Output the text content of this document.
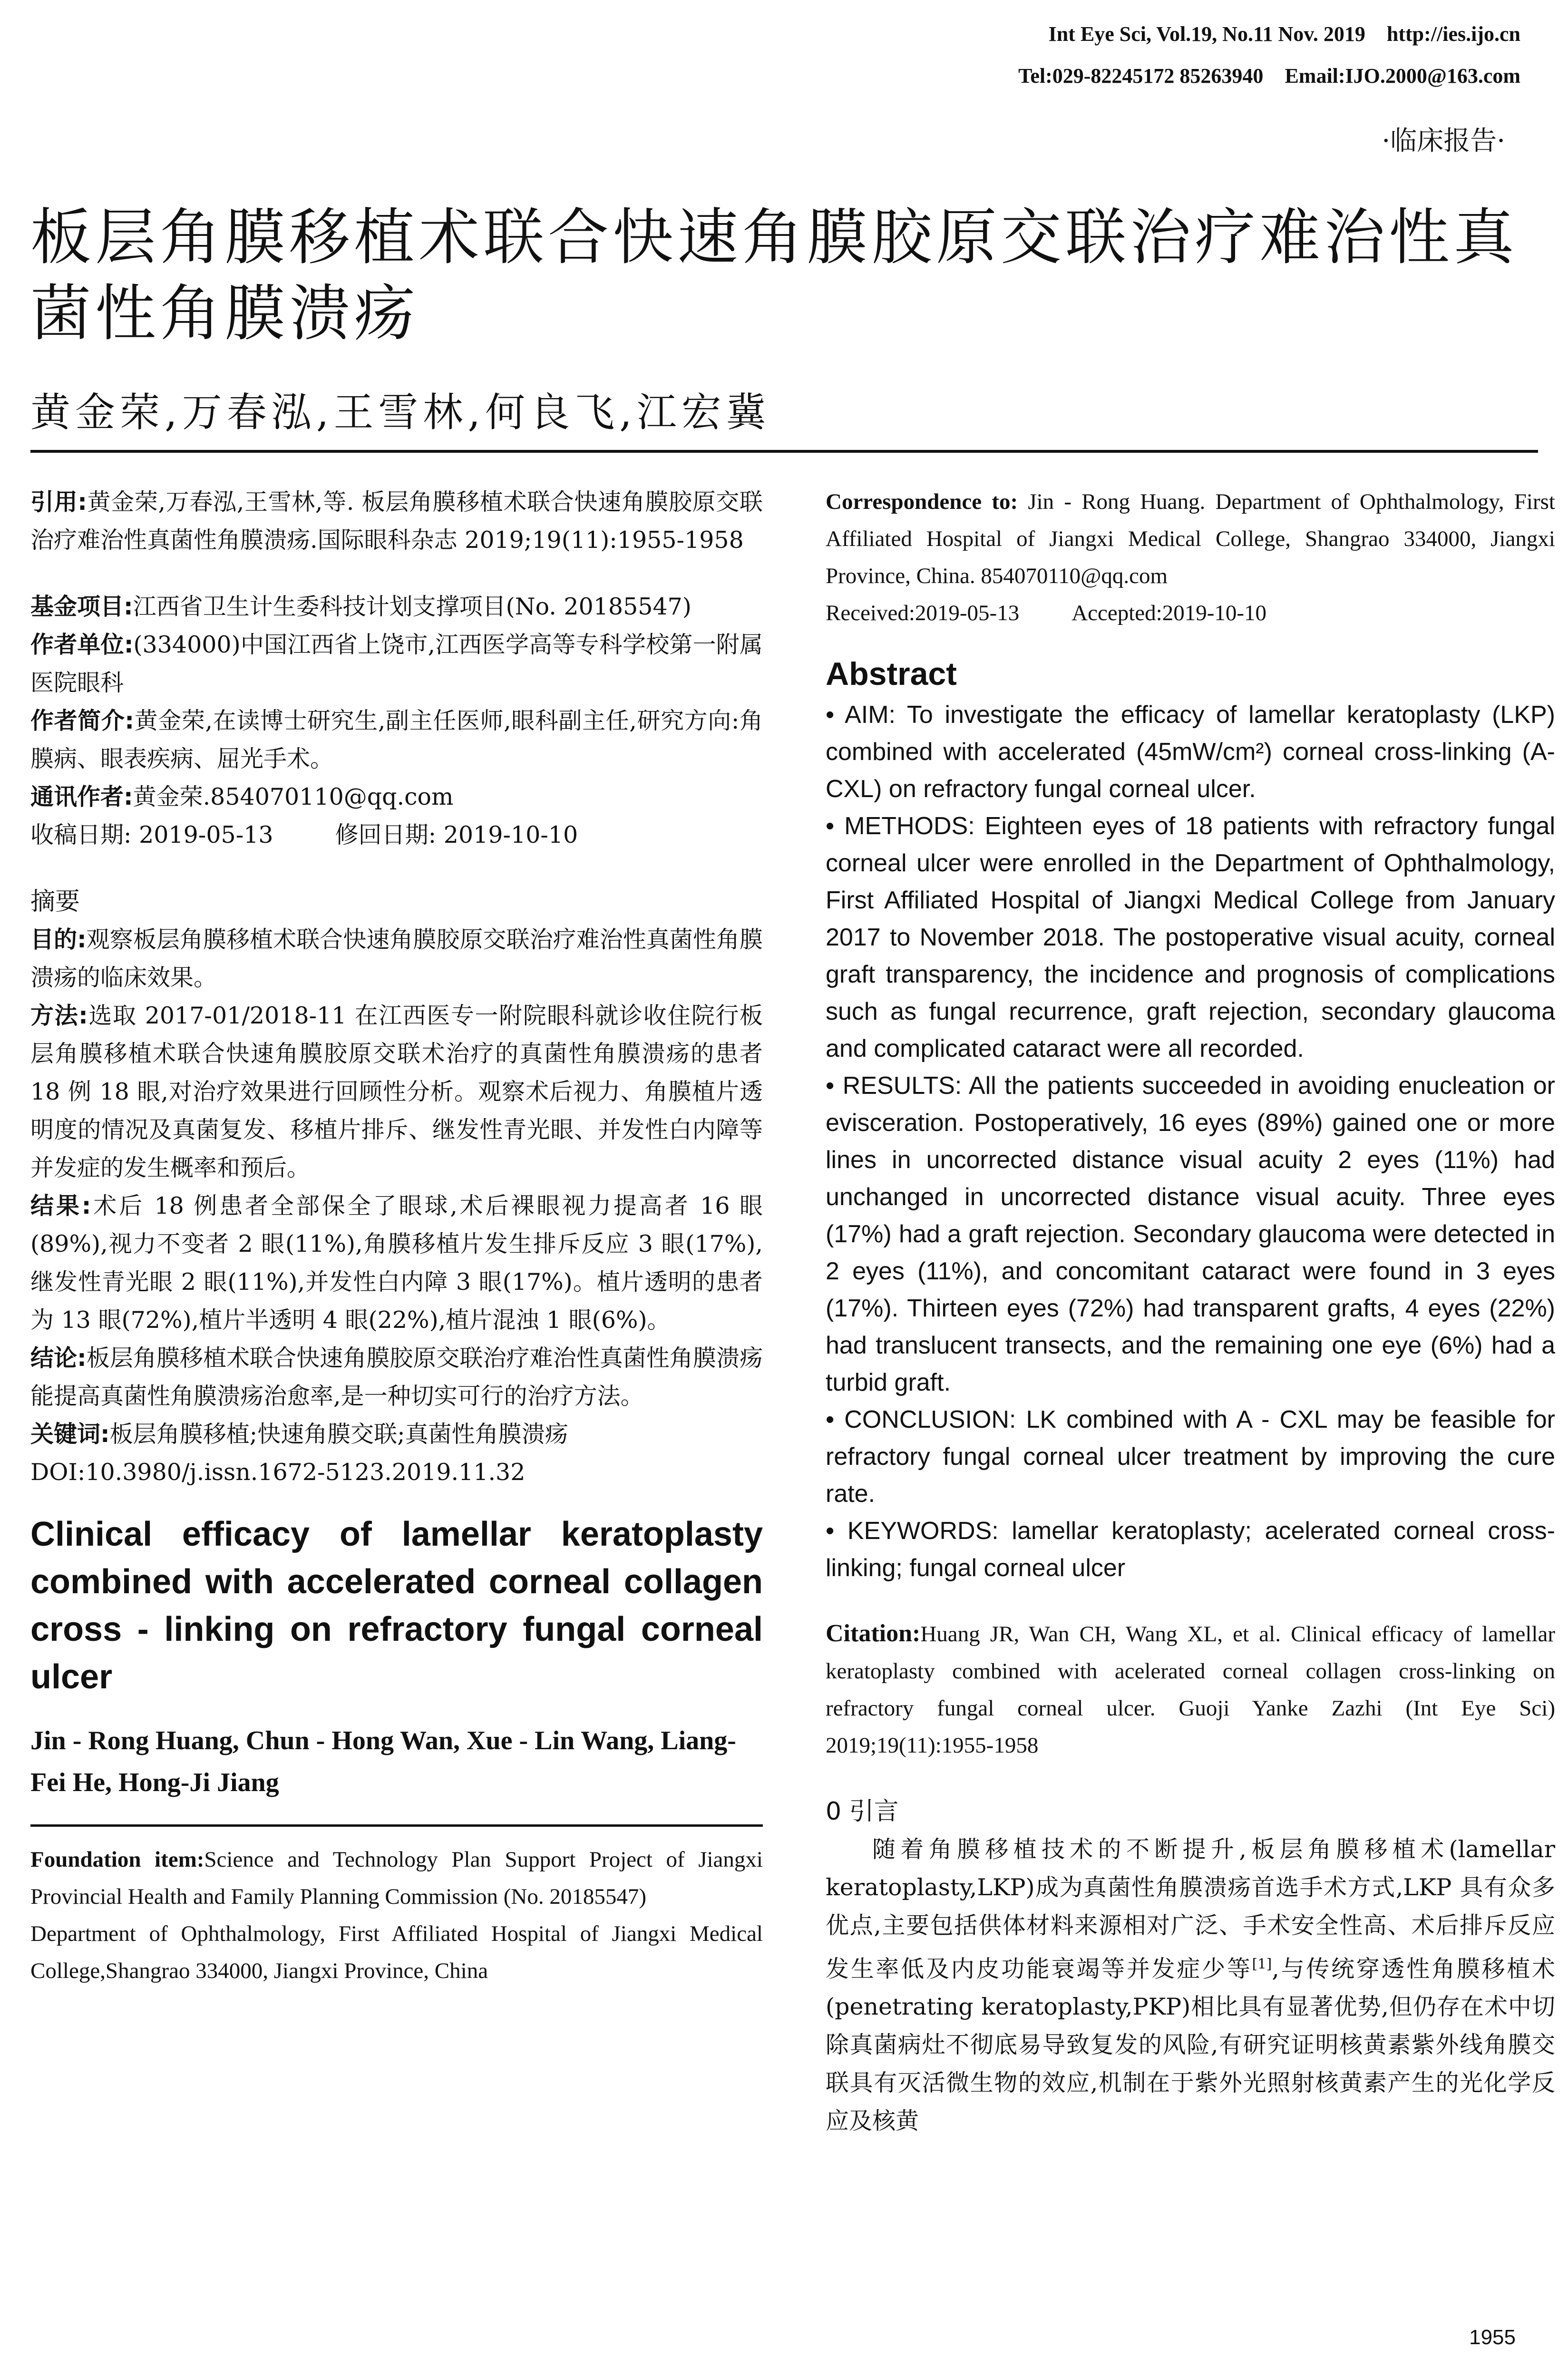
Int Eye Sci, Vol.19, No.11 Nov. 2019 http://ies.ijo.cn
Tel:029-82245172 85263940 Email:IJO.2000@163.com
·临床报告·
板层角膜移植术联合快速角膜胶原交联治疗难治性真菌性角膜溃疡
黄金荣,万春泓,王雪林,何良飞,江宏冀

引用:黄金荣,万春泓,王雪林,等. 板层角膜移植术联合快速角膜胶原交联治疗难治性真菌性角膜溃疡.国际眼科杂志 2019;19(11):1955-1958

基金项目:江西省卫生计生委科技计划支撑项目(No. 20185547)

作者单位:(334000)中国江西省上饶市,江西医学高等专科学校第一附属医院眼科

作者简介:黄金荣,在读博士研究生,副主任医师,眼科副主任,研究方向:角膜病、眼表疾病、屈光手术。

通讯作者:黄金荣.854070110@qq.com

收稿日期: 2019-05-13	修回日期: 2019-10-10

摘要

目的:观察板层角膜移植术联合快速角膜胶原交联治疗难治性真菌性角膜溃疡的临床效果。

方法:选取 2017-01/2018-11 在江西医专一附院眼科就诊收住院行板层角膜移植术联合快速角膜胶原交联术治疗的真菌性角膜溃疡的患者 18 例 18 眼,对治疗效果进行回顾性分析。观察术后视力、角膜植片透明度的情况及真菌复发、移植片排斥、继发性青光眼、并发性白内障等并发症的发生概率和预后。

结果:术后 18 例患者全部保全了眼球,术后裸眼视力提高者 16 眼(89%),视力不变者 2 眼(11%),角膜移植片发生排斥反应 3 眼(17%),继发性青光眼 2 眼(11%),并发性白内障 3 眼(17%)。植片透明的患者为 13 眼(72%),植片半透明 4 眼(22%),植片混浊 1 眼(6%)。

结论:板层角膜移植术联合快速角膜胶原交联治疗难治性真菌性角膜溃疡能提高真菌性角膜溃疡治愈率,是一种切实可行的治疗方法。

关键词:板层角膜移植;快速角膜交联;真菌性角膜溃疡

DOI:10.3980/j.issn.1672-5123.2019.11.32

Clinical efficacy of lamellar keratoplasty combined with accelerated corneal collagen cross - linking on refractory fungal corneal ulcer

Jin - Rong Huang, Chun - Hong Wan, Xue - Lin Wang, Liang-Fei He, Hong-Ji Jiang

Foundation item:Science and Technology Plan Support Project of Jiangxi Provincial Health and Family Planning Commission (No. 20185547)

Department of Ophthalmology, First Affiliated Hospital of Jiangxi Medical College,Shangrao 334000, Jiangxi Province, China

Correspondence to: Jin - Rong Huang. Department of Ophthalmology, First Affiliated Hospital of Jiangxi Medical College, Shangrao 334000, Jiangxi Province, China. 854070110@qq.com

Received:2019-05-13 Accepted:2019-10-10

Abstract

• AIM: To investigate the efficacy of lamellar keratoplasty (LKP) combined with accelerated (45mW/cm²) corneal cross-linking (A-CXL) on refractory fungal corneal ulcer.

• METHODS: Eighteen eyes of 18 patients with refractory fungal corneal ulcer were enrolled in the Department of Ophthalmology, First Affiliated Hospital of Jiangxi Medical College from January 2017 to November 2018. The postoperative visual acuity, corneal graft transparency, the incidence and prognosis of complications such as fungal recurrence, graft rejection, secondary glaucoma and complicated cataract were all recorded.

• RESULTS: All the patients succeeded in avoiding enucleation or evisceration. Postoperatively, 16 eyes (89%) gained one or more lines in uncorrected distance visual acuity 2 eyes (11%) had unchanged in uncorrected distance visual acuity. Three eyes (17%) had a graft rejection. Secondary glaucoma were detected in 2 eyes (11%), and concomitant cataract were found in 3 eyes (17%). Thirteen eyes (72%) had transparent grafts, 4 eyes (22%) had translucent transects, and the remaining one eye (6%) had a turbid graft.

• CONCLUSION: LK combined with A - CXL may be feasible for refractory fungal corneal ulcer treatment by improving the cure rate.

• KEYWORDS: lamellar keratoplasty; acelerated corneal cross-linking; fungal corneal ulcer

Citation:Huang JR, Wan CH, Wang XL, et al. Clinical efficacy of lamellar keratoplasty combined with acelerated corneal collagen cross-linking on refractory fungal corneal ulcer. Guoji Yanke Zazhi (Int Eye Sci) 2019;19(11):1955-1958

0 引言

随着角膜移植技术的不断提升,板层角膜移植术(lamellar keratoplasty,LKP)成为真菌性角膜溃疡首选手术方式,LKP 具有众多优点,主要包括供体材料来源相对广泛、手术安全性高、术后排斥反应发生率低及内皮功能衰竭等并发症少等[1],与传统穿透性角膜移植术(penetrating keratoplasty,PKP)相比具有显著优势,但仍存在术中切除真菌病灶不彻底易导致复发的风险,有研究证明核黄素紫外线角膜交联具有灭活微生物的效应,机制在于紫外光照射核黄素产生的光化学反应及核黄

1955
